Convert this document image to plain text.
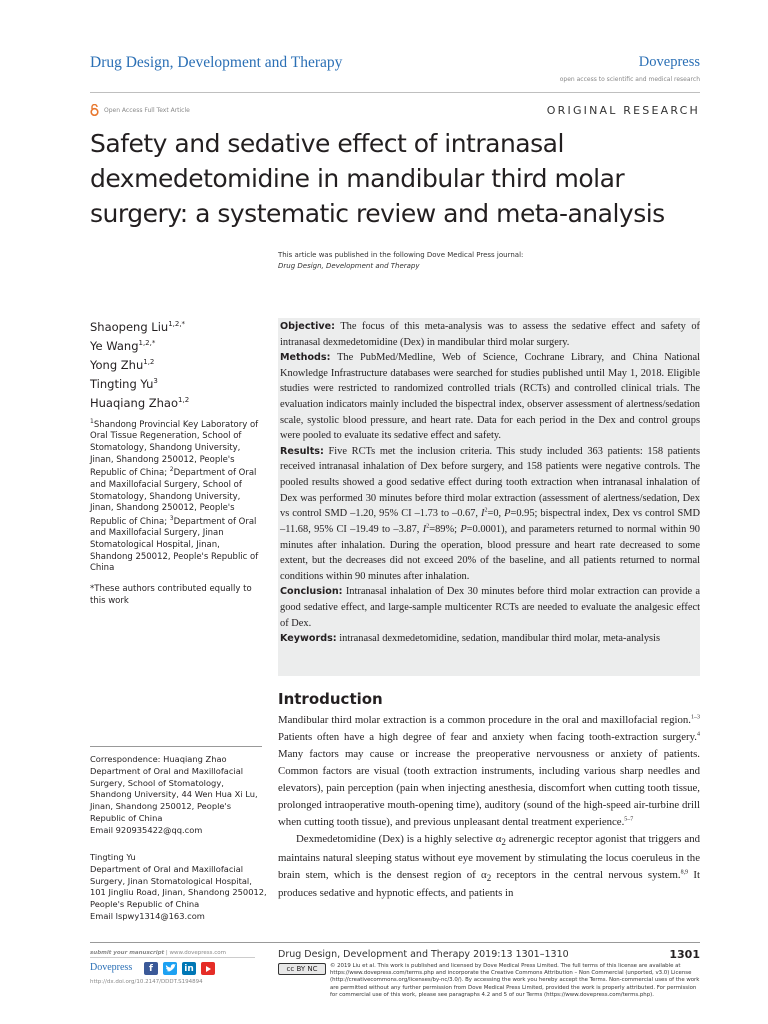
Drug Design, Development and Therapy	Dovepress
open access to scientific and medical research
Open Access Full Text Article	ORIGINAL RESEARCH
Safety and sedative effect of intranasal dexmedetomidine in mandibular third molar surgery: a systematic review and meta-analysis
This article was published in the following Dove Medical Press journal:
Drug Design, Development and Therapy
Shaopeng Liu$^{1,2,*}$
Ye Wang$^{1,2,*}$
Yong Zhu$^{1,2}$
Tingting Yu$^3$
Huaqiang Zhao$^{1,2}$
$^1$Shandong Provincial Key Laboratory of Oral Tissue Regeneration, School of Stomatology, Shandong University, Jinan, Shandong 250012, People's Republic of China; $^2$Department of Oral and Maxillofacial Surgery, School of Stomatology, Shandong University, Jinan, Shandong 250012, People's Republic of China; $^3$Department of Oral and Maxillofacial Surgery, Jinan Stomatological Hospital, Jinan, Shandong 250012, People's Republic of China
*These authors contributed equally to this work
Correspondence: Huaqiang Zhao
Department of Oral and Maxillofacial Surgery, School of Stomatology, Shandong University, 44 Wen Hua Xi Lu, Jinan, Shandong 250012, People's Republic of China
Email 920935422@qq.com
Tingting Yu
Department of Oral and Maxillofacial Surgery, Jinan Stomatological Hospital, 101 Jingliu Road, Jinan, Shandong 250012, People's Republic of China
Email lspwy1314@163.com

Objective: The focus of this meta-analysis was to assess the sedative effect and safety of intranasal dexmedetomidine (Dex) in mandibular third molar surgery.

Methods: The PubMed/Medline, Web of Science, Cochrane Library, and China National Knowledge Infrastructure databases were searched for studies published until May 1, 2018. Eligible studies were restricted to randomized controlled trials (RCTs) and controlled clinical trials. The evaluation indicators mainly included the bispectral index, observer assessment of alertness/sedation scale, systolic blood pressure, and heart rate. Data for each period in the Dex and control groups were pooled to evaluate its sedative effect and safety.

Results: Five RCTs met the inclusion criteria. This study included 363 patients: 158 patients received intranasal inhalation of Dex before surgery, and 158 patients were negative controls. The pooled results showed a good sedative effect during tooth extraction when intranasal inhalation of Dex was performed 30 minutes before third molar extraction (assessment of alertness/sedation, Dex vs control SMD –1.20, 95% CI –1.73 to –0.67, $I^2=0$, P=0.95; bispectral index, Dex vs control SMD –11.68, 95% CI –19.49 to –3.87, $I^2=89\%$; P=0.0001), and parameters returned to normal within 90 minutes after inhalation. During the operation, blood pressure and heart rate decreased to some extent, but the decreases did not exceed 20% of the baseline, and all patients returned to normal conditions within 90 minutes after inhalation.

Conclusion: Intranasal inhalation of Dex 30 minutes before third molar extraction can provide a good sedative effect, and large-sample multicenter RCTs are needed to evaluate the analgesic effect of Dex.

Keywords: intranasal dexmedetomidine, sedation, mandibular third molar, meta-analysis

Introduction

Mandibular third molar extraction is a common procedure in the oral and maxillofacial region.$^{1-3}$ Patients often have a high degree of fear and anxiety when facing tooth-extraction surgery.$^4$ Many factors may cause or increase the preoperative nervousness or anxiety of patients. Common factors are visual (tooth extraction instruments, including various sharp needles and elevators), pain perception (pain when injecting anesthesia, discomfort when cutting tooth tissue, prolonged intraoperative mouth-opening time), auditory (sound of the high-speed air-turbine drill when cutting tooth tissue), and previous unpleasant dental treatment experience.$^{5-7}$

Dexmedetomidine (Dex) is a highly selective $\alpha_2$ adrenergic receptor agonist that triggers and maintains natural sleeping status without eye movement by stimulating the locus coeruleus in the brain stem, which is the densest region of $\alpha_2$ receptors in the central nervous system.$^{8,9}$ It produces sedative and hypnotic effects, and patients in

submit your manuscript | www.dovepress.com
Dovepress	f	in
http://dx.doi.org/10.2147/DDDT.S194894
Drug Design, Development and Therapy 2019:13 1301–1310	1301
cc BY NC	© 2019 Liu et al. This work is published and licensed by Dove Medical Press Limited. The full terms of this license are available at https://www.dovepress.com/terms.php and incorporate the Creative Commons Attribution – Non Commercial (unported, v3.0) License (http://creativecommons.org/licenses/by-nc/3.0/). By accessing the work you hereby accept the Terms. Non-commercial uses of the work are permitted without any further permission from Dove Medical Press Limited, provided the work is properly attributed. For permission for commercial use of this work, please see paragraphs 4.2 and 5 of our Terms (https://www.dovepress.com/terms.php).
